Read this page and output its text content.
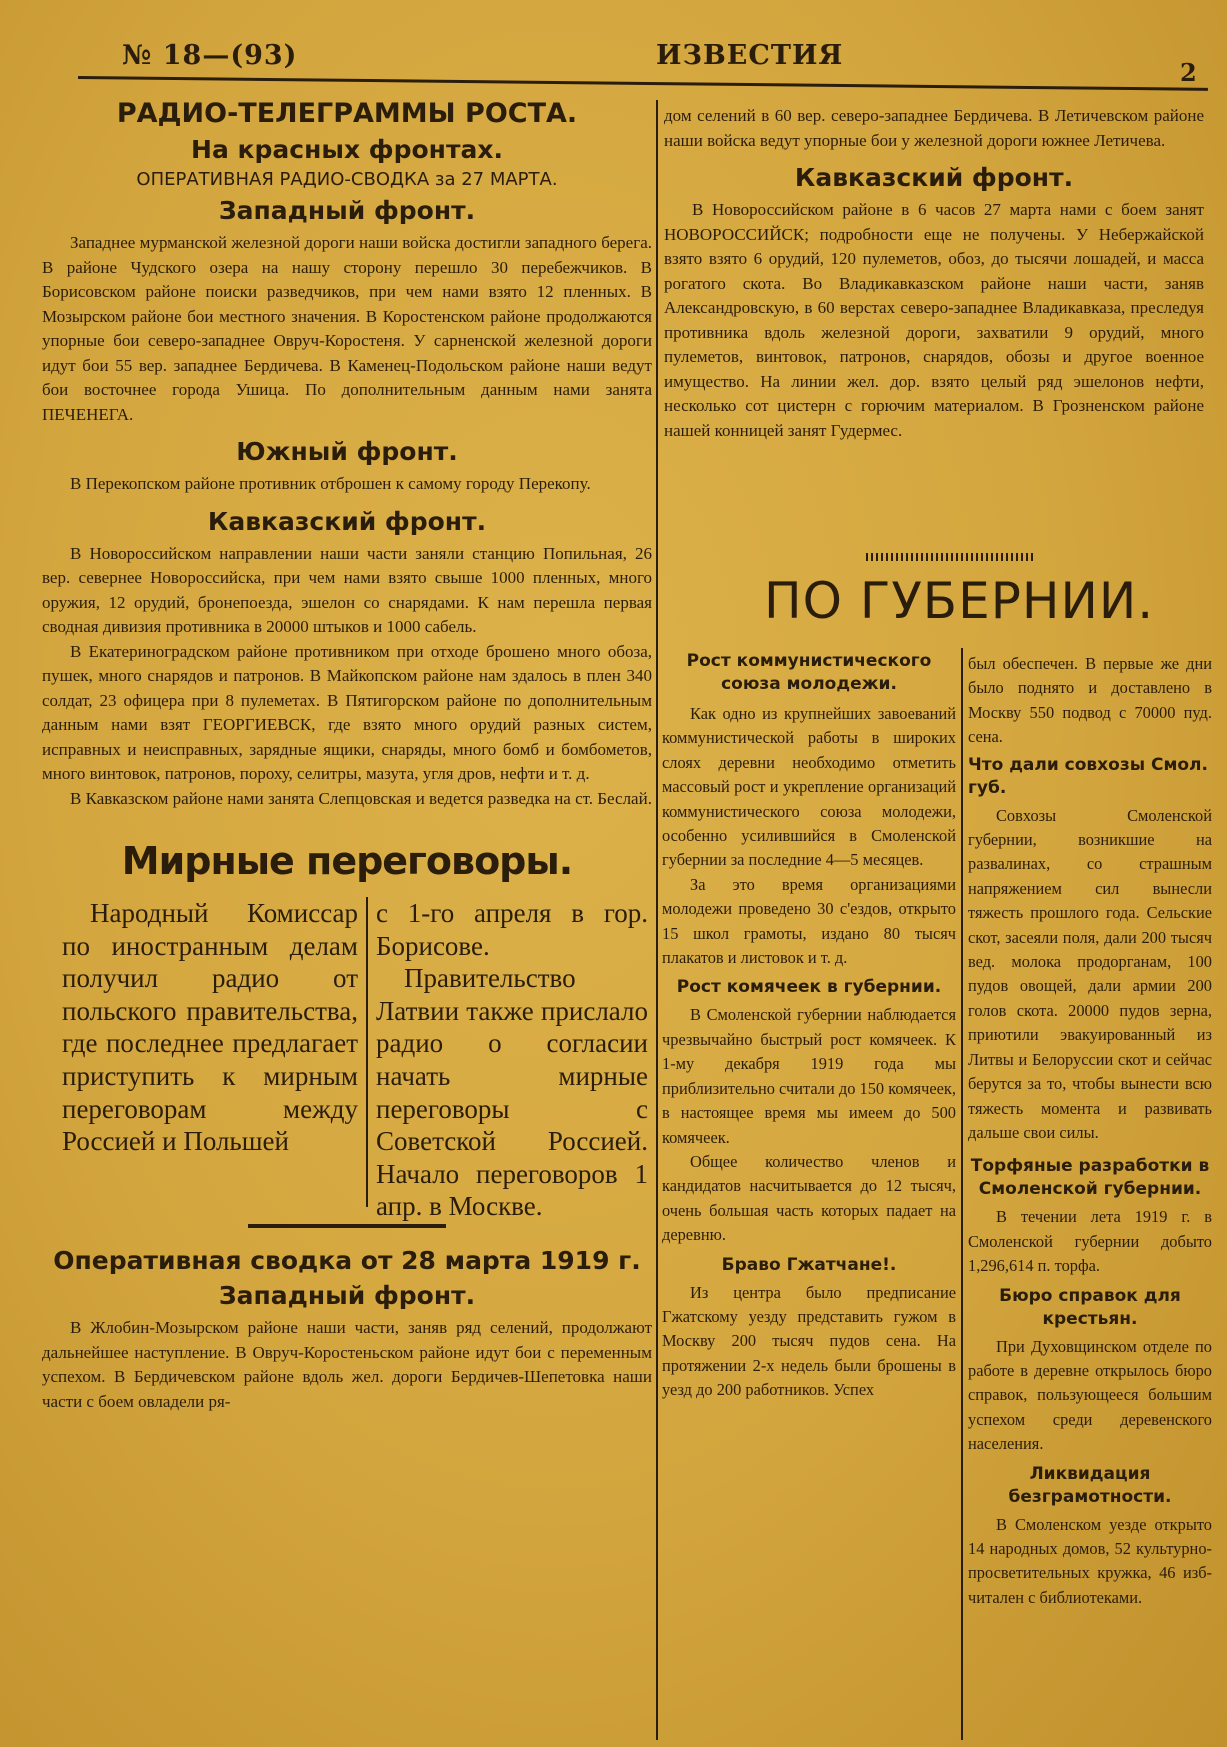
№ 18—(93)	ИЗВЕСТИЯ
2
РАДИО-ТЕЛЕГРАММЫ РОСТА.
На красных фронтах.
ОПЕРАТИВНАЯ РАДИО-СВОДКА за 27 МАРТА.
Западный фронт.

Западнее мурманской железной дороги наши войска достигли западного берега. В районе Чудского озера на нашу сторону перешло 30 перебежчиков. В Борисовском районе поиски разведчиков, при чем нами взято 12 пленных. В Мозырском районе бои местного значения. В Коростенском районе продолжаются упорные бои северо-западнее Овруч-Коростеня. У сарненской железной дороги идут бои 55 вер. западнее Бердичева. В Каменец-Подольском районе наши ведут бои восточнее города Ушица. По дополнительным данным нами занята ПЕЧЕНЕГА.

Южный фронт.

В Перекопском районе противник отброшен к самому городу Перекопу.

Кавказский фронт.

В Новороссийском направлении наши части заняли станцию Попильная, 26 вер. севернее Новороссийска, при чем нами взято свыше 1000 пленных, много оружия, 12 орудий, бронепоезда, эшелон со снарядами. К нам перешла первая сводная дивизия противника в 20000 штыков и 1000 сабель.

В Екатериноградском районе противником при отходе брошено много обоза, пушек, много снарядов и патронов. В Майкопском районе нам здалось в плен 340 солдат, 23 офицера при 8 пулеметах. В Пятигорском районе по дополнительным данным нами взят ГЕОРГИЕВСК, где взято много орудий разных систем, исправных и неисправных, зарядные ящики, снаряды, много бомб и бомбометов, много винтовок, патронов, пороху, селитры, мазута, угля дров, нефти и т. д.

В Кавказском районе нами занята Слепцовская и ведется разведка на ст. Беслай.

Мирные переговоры.

Народный Комиссар по иностранным делам получил радио от польского правительства, где последнее предлагает приступить к мирным переговорам между Россией и Польшей

с 1-го апреля в гор. Борисове.

Правительство Латвии также прислало радио о согласии начать мирные переговоры с Советской Россией. Начало переговоров 1 апр. в Москве.

Оперативная сводка от 28 марта 1919 г.
Западный фронт.

В Жлобин-Мозырском районе наши части, заняв ряд селений, продолжают дальнейшее наступление. В Овруч-Коростеньском районе идут бои с переменным успехом. В Бердичевском районе вдоль жел. дороги Бердичев-Шепетовка наши части с боем овладели ря-

дом селений в 60 вер. северо-западнее Бердичева. В Летичевском районе наши войска ведут упорные бои у железной дороги южнее Летичева.

Кавказский фронт.

В Новороссийском районе в 6 часов 27 марта нами с боем занят НОВОРОССИЙСК; подробности еще не получены. У Небержайской взято взято 6 орудий, 120 пулеметов, обоз, до тысячи лошадей, и масса рогатого скота. Во Владикавказском районе наши части, заняв Александровскую, в 60 верстах северо-западнее Владикавказа, преследуя противника вдоль железной дороги, захватили 9 орудий, много пулеметов, винтовок, патронов, снарядов, обозы и другое военное имущество. На линии жел. дор. взято целый ряд эшелонов нефти, несколько сот цистерн с горючим материалом. В Грозненском районе нашей конницей занят Гудермес.

ПО ГУБЕРНИИ.
Рост коммунистического союза молодежи.

Как одно из крупнейших завоеваний коммунистической работы в широких слоях деревни необходимо отметить массовый рост и укрепление организаций коммунистического союза молодежи, особенно усилившийся в Смоленской губернии за последние 4—5 месяцев.

За это время организациями молодежи проведено 30 с'ездов, открыто 15 школ грамоты, издано 80 тысяч плакатов и листовок и т. д.

Рост комячеек в губернии.

В Смоленской губернии наблюдается чрезвычайно быстрый рост комячеек. К 1-му декабря 1919 года мы приблизительно считали до 150 комячеек, в настоящее время мы имеем до 500 комячеек.

Общее количество членов и кандидатов насчитывается до 12 тысяч, очень большая часть которых падает на деревню.

Браво Гжатчане!.

Из центра было предписание Гжатскому уезду представить гужом в Москву 200 тысяч пудов сена. На протяжении 2-х недель были брошены в уезд до 200 работников. Успех

был обеспечен. В первые же дни было поднято и доставлено в Москву 550 подвод с 70000 пуд. сена.

Что дали совхозы Смол. губ.

Совхозы Смоленской губернии, возникшие на развалинах, со страшным напряжением сил вынесли тяжесть прошлого года. Сельские скот, засеяли поля, дали 200 тысяч вед. молока продорганам, 100 пудов овощей, дали армии 200 голов скота. 20000 пудов зерна, приютили эвакуированный из Литвы и Белоруссии скот и сейчас берутся за то, чтобы вынести всю тяжесть момента и развивать дальше свои силы.

Торфяные разработки в Смоленской губернии.

В течении лета 1919 г. в Смоленской губернии добыто 1,296,614 п. торфа.

Бюро справок для крестьян.

При Духовщинском отделе по работе в деревне открылось бюро справок, пользующееся большим успехом среди деревенского населения.

Ликвидация безграмотности.

В Смоленском уезде открыто 14 народных домов, 52 культурно-просветительных кружка, 46 изб-читален с библиотеками.
